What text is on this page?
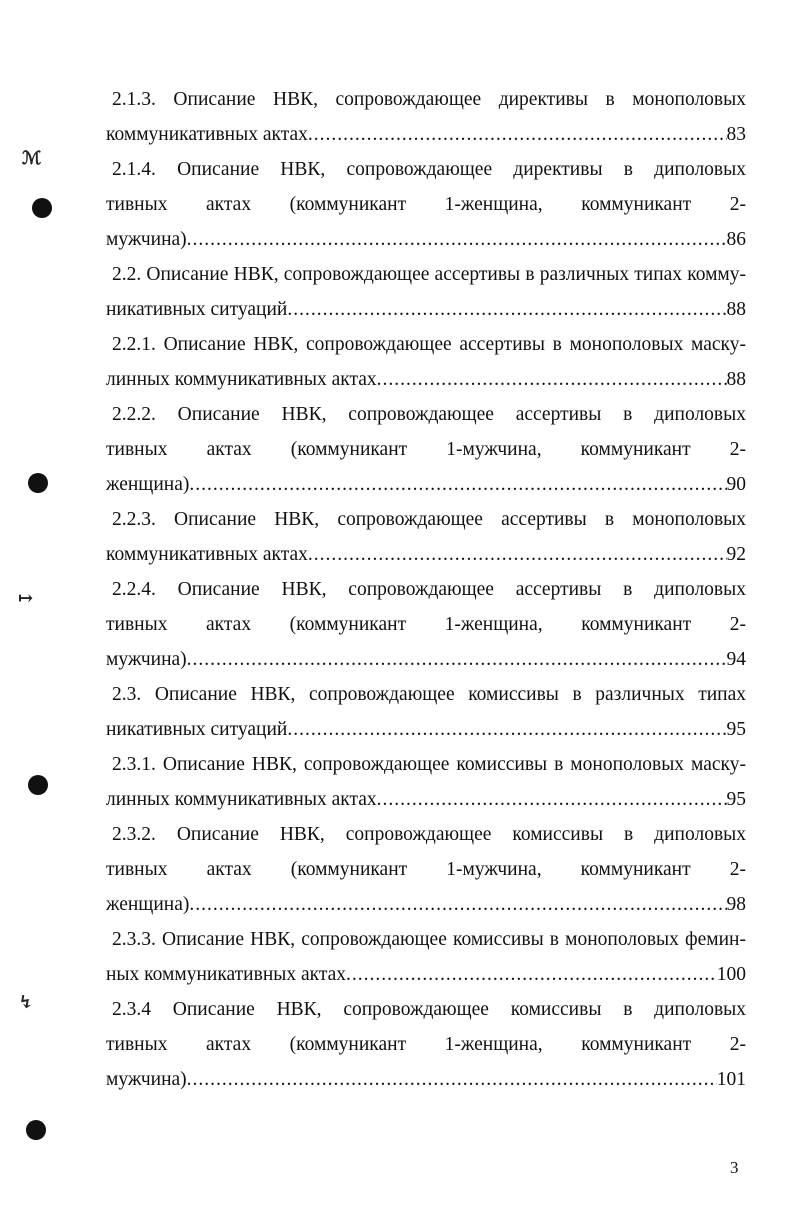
2.1.3. Описание НВК, сопровождающее директивы в монополовых
коммуникативных актах .....	83
2.1.4. Описание НВК, сопровождающее директивы в диполовых
тивных актах (коммуникант 1-женщина, коммуникант 2-
мужчина) .....	86
2.2. Описание НВК, сопровождающее ассертивы в различных типах комму-
никативных ситуаций .....	88
2.2.1. Описание НВК, сопровождающее ассертивы в монополовых маску-
линных коммуникативных актах .....	88
2.2.2. Описание НВК, сопровождающее ассертивы в диполовых
тивных актах (коммуникант 1-мужчина, коммуникант 2-
женщина) .....	90
2.2.3. Описание НВК, сопровождающее ассертивы в монополовых
коммуникативных актах .....	92
2.2.4. Описание НВК, сопровождающее ассертивы в диполовых
тивных актах (коммуникант 1-женщина, коммуникант 2-
мужчина) .....	94
2.3. Описание НВК, сопровождающее комиссивы в различных типах
никативных ситуаций .....	95
2.3.1. Описание НВК, сопровождающее комиссивы в монополовых маску-
линных коммуникативных актах .....	95
2.3.2. Описание НВК, сопровождающее комиссивы в диполовых
тивных актах (коммуникант 1-мужчина, коммуникант 2-
женщина) .....	98
2.3.3. Описание НВК, сопровождающее комиссивы в монополовых фемин-
ных коммуникативных актах .....	100
2.3.4 Описание НВК, сопровождающее комиссивы в диполовых
тивных актах (коммуникант 1-женщина, коммуникант 2-
мужчина) .....	101
3
ℳ
↦
↯
